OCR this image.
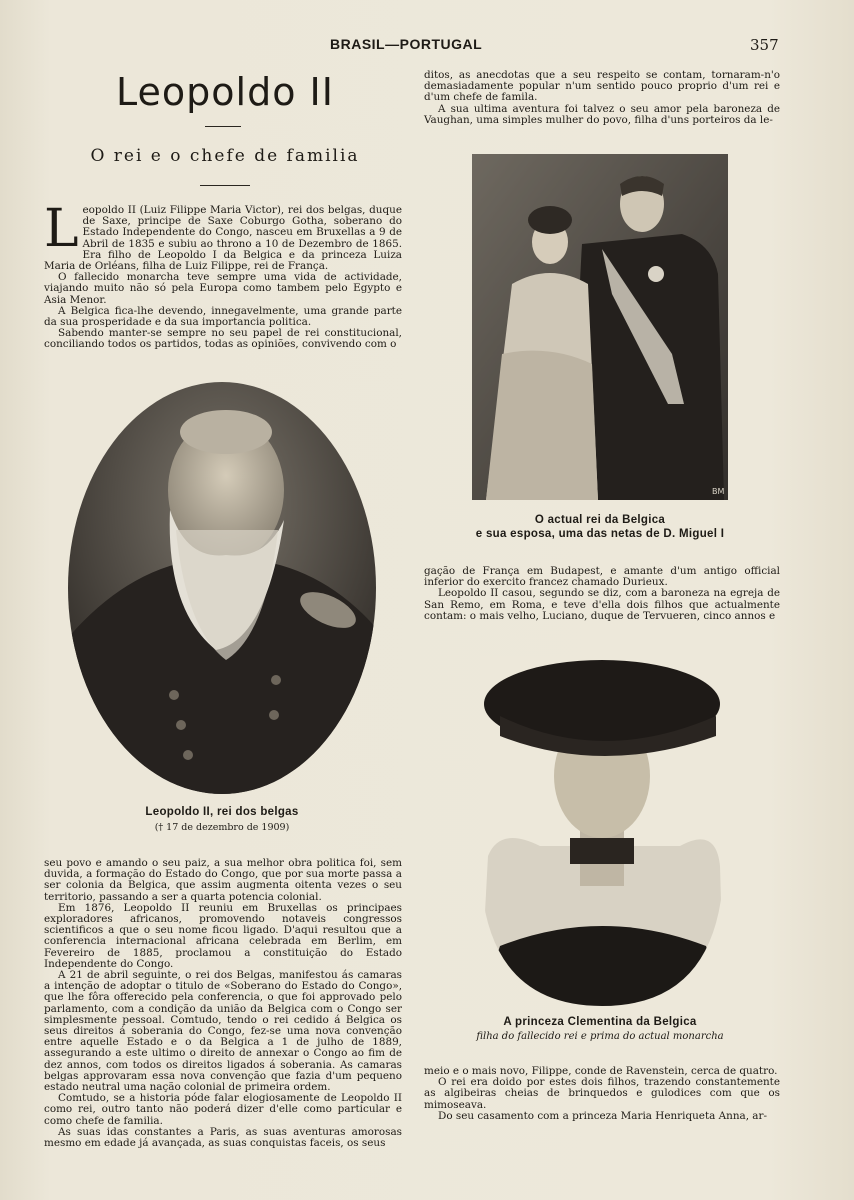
BRASIL—PORTUGAL	357
Leopoldo II
O rei e o chefe de familia

Leopoldo II (Luiz Filippe Maria Victor), rei dos belgas, duque de Saxe, principe de Saxe Coburgo Gotha, soberano do Estado Independente do Congo, nasceu em Bruxellas a 9 de Abril de 1835 e subiu ao throno a 10 de Dezembro de 1865. Era filho de Leopoldo I da Belgica e da princeza Luiza Maria de Orléans, filha de Luiz Filippe, rei de França.

O fallecido monarcha teve sempre uma vida de actividade, viajando muito não só pela Europa como tambem pelo Egypto e Asia Menor.

A Belgica fica-lhe devendo, innegavelmente, uma grande parte da sua prosperidade e da sua importancia politica.

Sabendo manter-se sempre no seu papel de rei constitucional, conciliando todos os partidos, todas as opiniões, convivendo com o

Leopoldo II, rei dos belgas
(† 17 de dezembro de 1909)

seu povo e amando o seu paiz, a sua melhor obra politica foi, sem duvida, a formação do Estado do Congo, que por sua morte passa a ser colonia da Belgica, que assim augmenta oitenta vezes o seu territorio, passando a ser a quarta potencia colonial.

Em 1876, Leopoldo II reuniu em Bruxellas os principaes exploradores africanos, promovendo notaveis congressos scientificos a que o seu nome ficou ligado. D'aqui resultou que a conferencia internacional africana celebrada em Berlim, em Fevereiro de 1885, proclamou a constituição do Estado Independente do Congo.

A 21 de abril seguinte, o rei dos Belgas, manifestou ás camaras a intenção de adoptar o titulo de «Soberano do Estado do Congo», que lhe fôra offerecido pela conferencia, o que foi approvado pelo parlamento, com a condição da união da Belgica com o Congo ser simplesmente pessoal. Comtudo, tendo o rei cedido á Belgica os seus direitos á soberania do Congo, fez-se uma nova convenção entre aquelle Estado e o da Belgica a 1 de julho de 1889, assegurando a este ultimo o direito de annexar o Congo ao fim de dez annos, com todos os direitos ligados á soberania. As camaras belgas approvaram essa nova convenção que fazia d'um pequeno estado neutral uma nação colonial de primeira ordem.

Comtudo, se a historia póde falar elogiosamente de Leopoldo II como rei, outro tanto não poderá dizer d'elle como particular e como chefe de familia.

As suas idas constantes a Paris, as suas aventuras amorosas mesmo em edade já avançada, as suas conquistas faceis, os seus

ditos, as anecdotas que a seu respeito se contam, tornaram-n'o demasiadamente popular n'um sentido pouco proprio d'um rei e d'um chefe de famila.

A sua ultima aventura foi talvez o seu amor pela baroneza de Vaughan, uma simples mulher do povo, filha d'uns porteiros da le-

BM
O actual rei da Belgica
e sua esposa, uma das netas de D. Miguel I

gação de França em Budapest, e amante d'um antigo official inferior do exercito francez chamado Durieux.

Leopoldo II casou, segundo se diz, com a baroneza na egreja de San Remo, em Roma, e teve d'ella dois filhos que actualmente contam: o mais velho, Luciano, duque de Tervueren, cinco annos e

A princeza Clementina da Belgica
filha do fallecido rei e prima do actual monarcha

meio e o mais novo, Filippe, conde de Ravenstein, cerca de quatro.

O rei era doido por estes dois filhos, trazendo constantemente as algibeiras cheias de brinquedos e gulodices com que os mimoseava.

Do seu casamento com a princeza Maria Henriqueta Anna, ar-
